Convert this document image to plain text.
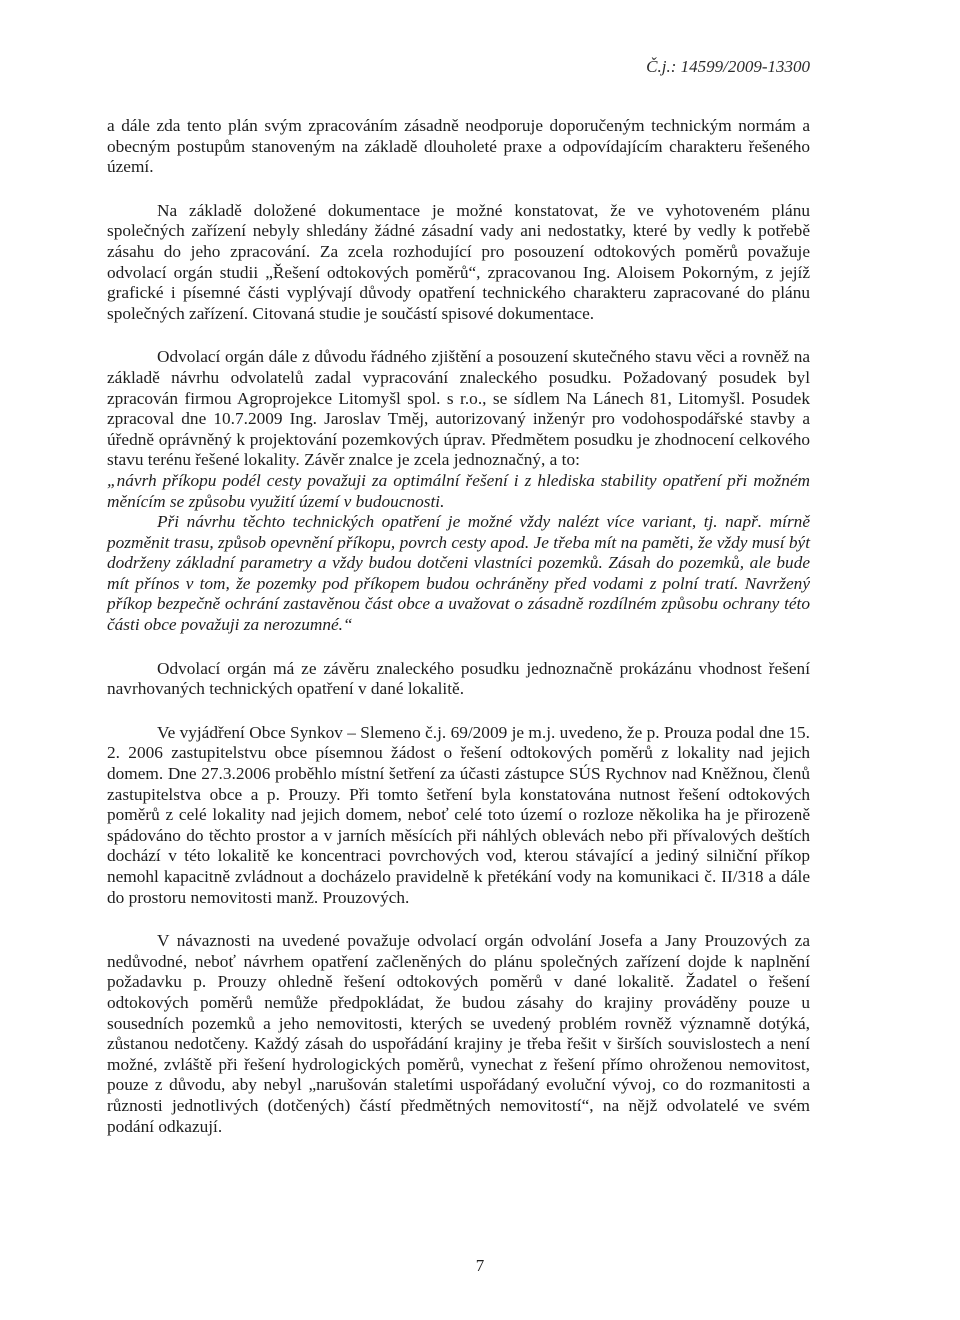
Č.j.: 14599/2009-13300

a dále zda tento plán svým zpracováním zásadně neodporuje doporučeným technickým normám a obecným postupům stanoveným na základě dlouholeté praxe a odpovídajícím charakteru řešeného území.

Na základě doložené dokumentace je možné konstatovat, že ve vyhotoveném plánu společných zařízení nebyly shledány žádné zásadní vady ani nedostatky, které by vedly k potřebě zásahu do jeho zpracování. Za zcela rozhodující pro posouzení odtokových poměrů považuje odvolací orgán studii „Řešení odtokových poměrů“, zpracovanou Ing. Aloisem Pokorným, z jejíž grafické i písemné části vyplývají důvody opatření technického charakteru zapracované do plánu společných zařízení. Citovaná studie je součástí spisové dokumentace.

Odvolací orgán dále z důvodu řádného zjištění a posouzení skutečného stavu věci a rovněž na základě návrhu odvolatelů zadal vypracování znaleckého posudku. Požadovaný posudek byl zpracován firmou Agroprojekce Litomyšl spol. s r.o., se sídlem Na Lánech 81, Litomyšl. Posudek zpracoval dne 10.7.2009 Ing. Jaroslav Tměj, autorizovaný inženýr pro vodohospodářské stavby a úředně oprávněný k projektování pozemkových úprav. Předmětem posudku je zhodnocení celkového stavu terénu řešené lokality. Závěr znalce je zcela jednoznačný, a to:

„návrh příkopu podél cesty považuji za optimální řešení i z hlediska stability opatření při možném měnícím se způsobu využití území v budoucnosti.
Při návrhu těchto technických opatření je možné vždy nalézt více variant, tj. např. mírně pozměnit trasu, způsob opevnění příkopu, povrch cesty apod. Je třeba mít na paměti, že vždy musí být dodrženy základní parametry a vždy budou dotčeni vlastníci pozemků. Zásah do pozemků, ale bude mít přínos v tom, že pozemky pod příkopem budou ochráněny před vodami z polní tratí. Navržený příkop bezpečně ochrání zastavěnou část obce a uvažovat o zásadně rozdílném způsobu ochrany této části obce považuji za nerozumné.“

Odvolací orgán má ze závěru znaleckého posudku jednoznačně prokázánu vhodnost řešení navrhovaných technických opatření v dané lokalitě.

Ve vyjádření Obce Synkov – Slemeno č.j. 69/2009 je m.j. uvedeno, že p. Prouza podal dne 15. 2. 2006 zastupitelstvu obce písemnou žádost o řešení odtokových poměrů z lokality nad jejich domem. Dne 27.3.2006 proběhlo místní šetření za účasti zástupce SÚS Rychnov nad Kněžnou, členů zastupitelstva obce a p. Prouzy. Při tomto šetření byla konstatována nutnost řešení odtokových poměrů z celé lokality nad jejich domem, neboť celé toto území o rozloze několika ha je přirozeně spádováno do těchto prostor a v jarních měsících při náhlých oblevách nebo při přívalových deštích dochází v této lokalitě ke koncentraci povrchových vod, kterou stávající a jediný silniční příkop nemohl kapacitně zvládnout a docházelo pravidelně k přetékání vody na komunikaci č. II/318 a dále do prostoru nemovitosti manž. Prouzových.

V návaznosti na uvedené považuje odvolací orgán odvolání Josefa a Jany Prouzových za nedůvodné, neboť návrhem opatření začleněných do plánu společných zařízení dojde k naplnění požadavku p. Prouzy ohledně řešení odtokových poměrů v dané lokalitě. Žadatel o řešení odtokových poměrů nemůže předpokládat, že budou zásahy do krajiny prováděny pouze u sousedních pozemků a jeho nemovitosti, kterých se uvedený problém rovněž významně dotýká, zůstanou nedotčeny. Každý zásah do uspořádání krajiny je třeba řešit v širších souvislostech a není možné, zvláště při řešení hydrologických poměrů, vynechat z řešení přímo ohroženou nemovitost, pouze z důvodu, aby nebyl „narušován staletími uspořádaný evoluční vývoj, co do rozmanitosti a různosti jednotlivých (dotčených) částí předmětných nemovitostí“, na nějž odvolatelé ve svém podání odkazují.

7
